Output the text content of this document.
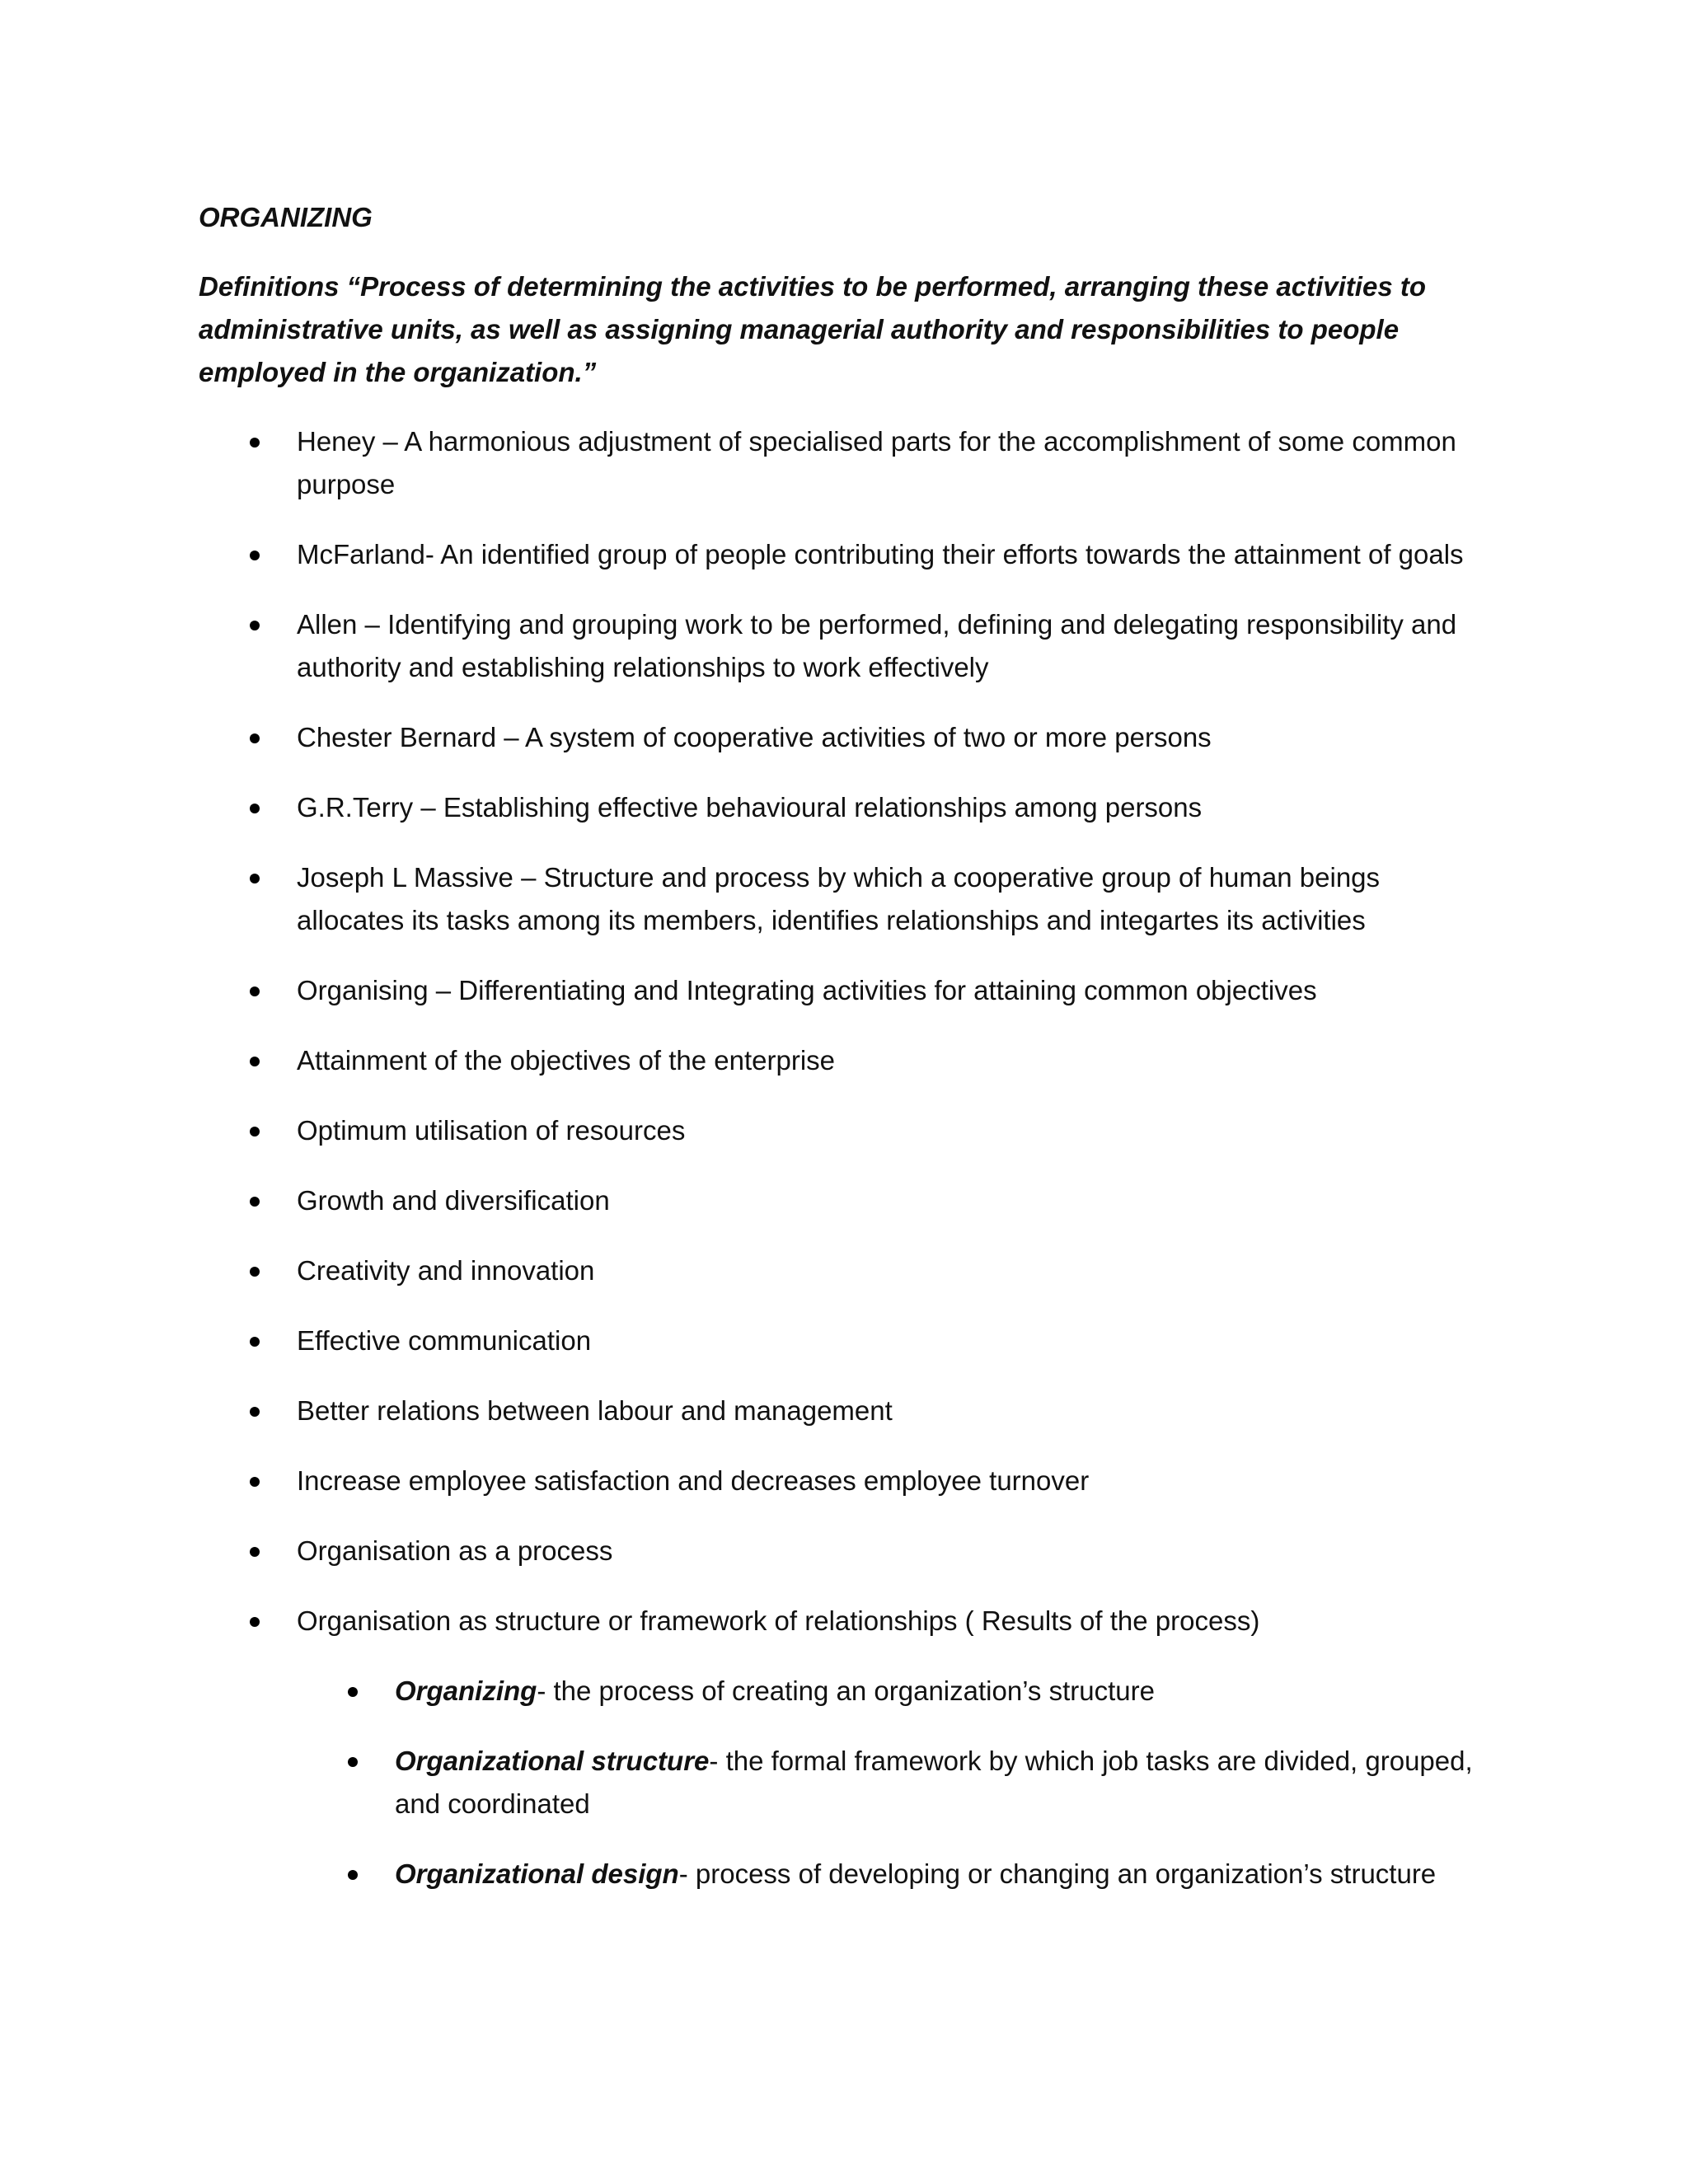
ORGANIZING

Definitions “Process of determining the activities to be performed, arranging these activities to administrative units, as well as assigning managerial authority and responsibilities to people employed in the organization.”

Heney – A harmonious adjustment of specialised parts for the accomplishment of some common purpose
McFarland- An identified group of people contributing their efforts towards the attainment of goals
Allen – Identifying and grouping work to be performed, defining and delegating responsibility and authority and establishing relationships to work effectively
Chester Bernard – A system of cooperative activities of two or more persons
G.R.Terry – Establishing effective behavioural relationships among persons
Joseph L Massive – Structure and process by which a cooperative group of human beings allocates its tasks among its members, identifies relationships and integartes its activities
Organising – Differentiating and Integrating activities for attaining common objectives
Attainment of the objectives of the enterprise
Optimum utilisation of resources
Growth and diversification
Creativity and innovation
Effective communication
Better relations between labour and management
Increase employee satisfaction and decreases employee turnover
Organisation as a process
Organisation as structure or framework of relationships ( Results of the process)
Organizing- the process of creating an organization’s structure
Organizational structure- the formal framework by which job tasks are divided, grouped, and coordinated
Organizational design- process of developing or changing an organization’s structure
